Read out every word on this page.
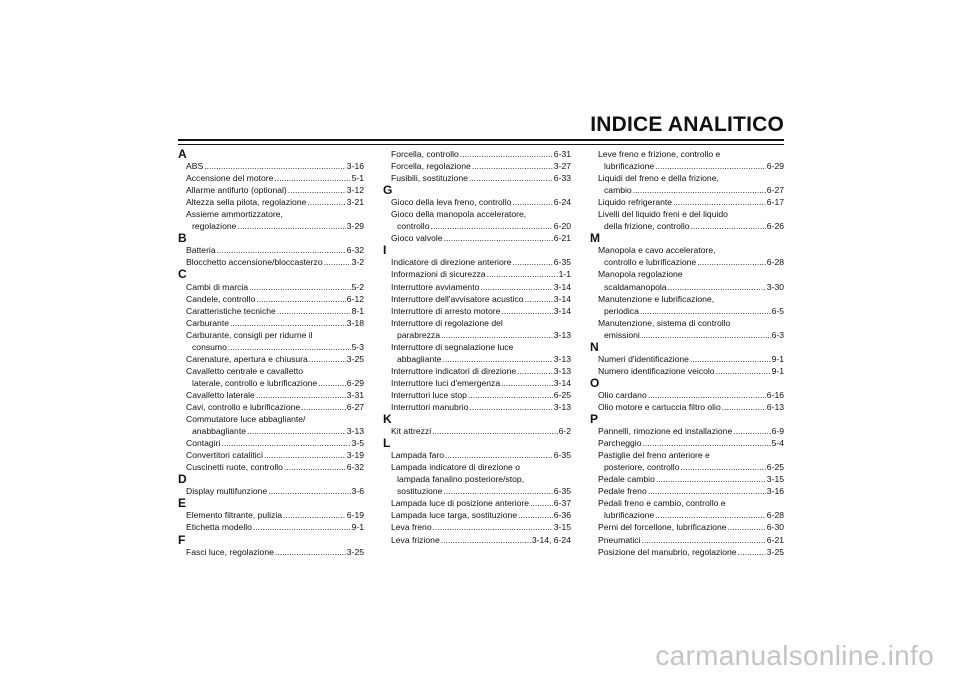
INDICE ANALITICO
A
ABS .....	3-16
Accensione del motore .....	5-1
Allarme antifurto (optional) .....	3-12
Altezza sella pilota, regolazione .....	3-21
Assieme ammortizzatore,
regolazione .....	3-29
B
Batteria .....	6-32
Blocchetto accensione/bloccasterzo .....	3-2
C
Cambi di marcia .....	5-2
Candele, controllo .....	6-12
Caratteristiche tecniche .....	8-1
Carburante .....	3-18
Carburante, consigli per ridurne il
consumo .....	5-3
Carenature, apertura e chiusura .....	3-25
Cavalletto centrale e cavalletto
laterale, controllo e lubrificazione .....	6-29
Cavalletto laterale .....	3-31
Cavi, controllo e lubrificazione .....	6-27
Commutatore luce abbagliante/
anabbagliante .....	3-13
Contagiri .....	3-5
Convertitori catalitici .....	3-19
Cuscinetti ruote, controllo .....	6-32
D
Display multifunzione .....	3-6
E
Elemento filtrante, pulizia .....	6-19
Etichetta modello .....	9-1
F
Fasci luce, regolazione .....	3-25
Forcella, controllo .....	6-31
Forcella, regolazione .....	3-27
Fusibili, sostituzione .....	6-33
G
Gioco della leva freno, controllo .....	6-24
Gioco della manopola acceleratore,
controllo .....	6-20
Gioco valvole .....	6-21
I
Indicatore di direzione anteriore .....	6-35
Informazioni di sicurezza .....	1-1
Interruttore avviamento .....	3-14
Interruttore dell'avvisatore acustico .....	3-14
Interruttore di arresto motore .....	3-14
Interruttore di regolazione del
parabrezza .....	3-13
Interruttore di segnalazione luce
abbagliante .....	3-13
Interruttore indicatori di direzione .....	3-13
Interruttore luci d'emergenza .....	3-14
Interruttori luce stop .....	6-25
Interruttori manubrio .....	3-13
K
Kit attrezzi .....	6-2
L
Lampada faro .....	6-35
Lampada indicatore di direzione o
lampada fanalino posteriore/stop,
sostituzione .....	6-35
Lampada luce di posizione anteriore .....	6-37
Lampada luce targa, sostituzione .....	6-36
Leva freno .....	3-15
Leva frizione .....	3-14, 6-24
Leve freno e frizione, controllo e
lubrificazione .....	6-29
Liquidi del freno e della frizione,
cambio .....	6-27
Liquido refrigerante .....	6-17
Livelli del liquido freni e del liquido
della frizione, controllo .....	6-26
M
Manopola e cavo acceleratore,
controllo e lubrificazione .....	6-28
Manopola regolazione
scaldamanopola .....	3-30
Manutenzione e lubrificazione,
periodica .....	6-5
Manutenzione, sistema di controllo
emissioni .....	6-3
N
Numeri d'identificazione .....	9-1
Numero identificazione veicolo .....	9-1
O
Olio cardano .....	6-16
Olio motore e cartuccia filtro olio .....	6-13
P
Pannelli, rimozione ed installazione .....	6-9
Parcheggio .....	5-4
Pastiglie del freno anteriore e
posteriore, controllo .....	6-25
Pedale cambio .....	3-15
Pedale freno .....	3-16
Pedali freno e cambio, controllo e
lubrificazione .....	6-28
Perni del forcellone, lubrificazione .....	6-30
Pneumatici .....	6-21
Posizione del manubrio, regolazione .....	3-25
carmanualsonline.info
